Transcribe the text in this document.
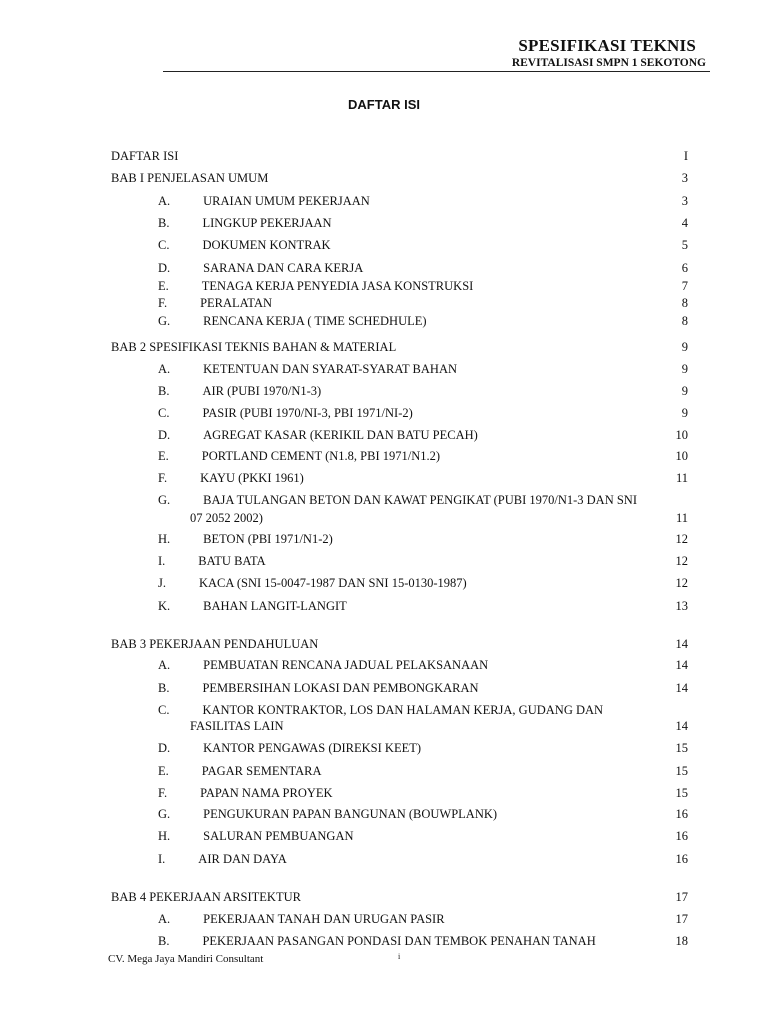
SPESIFIKASI TEKNIS
REVITALISASI SMPN 1 SEKOTONG
DAFTAR ISI
DAFTAR ISI	I
BAB I PENJELASAN UMUM	3
A.	URAIAN UMUM PEKERJAAN	3
B.	LINGKUP PEKERJAAN	4
C.	DOKUMEN KONTRAK	5
D.	SARANA DAN CARA KERJA	6
E.	TENAGA KERJA PENYEDIA JASA KONSTRUKSI	7
F.	PERALATAN	8
G.	RENCANA KERJA ( TIME SCHEDHULE)	8
BAB 2 SPESIFIKASI TEKNIS BAHAN & MATERIAL	9
A.	KETENTUAN DAN SYARAT-SYARAT BAHAN	9
B.	AIR (PUBI 1970/N1-3)	9
C.	PASIR (PUBI 1970/NI-3, PBI 1971/NI-2)	9
D.	AGREGAT KASAR (KERIKIL DAN BATU PECAH)	10
E.	PORTLAND CEMENT (N1.8, PBI 1971/N1.2)	10
F.	KAYU (PKKI 1961)	11
G.	BAJA TULANGAN BETON DAN KAWAT PENGIKAT (PUBI 1970/N1-3 DAN SNI
07 2052 2002)	11
H.	BETON (PBI 1971/N1-2)	12
I.	BATU BATA	12
J.	KACA (SNI 15-0047-1987 DAN SNI 15-0130-1987)	12
K.	BAHAN LANGIT-LANGIT	13
BAB 3 PEKERJAAN PENDAHULUAN	14
A.	PEMBUATAN RENCANA JADUAL PELAKSANAAN	14
B.	PEMBERSIHAN LOKASI DAN PEMBONGKARAN	14
C.	KANTOR KONTRAKTOR, LOS DAN HALAMAN KERJA, GUDANG DAN
FASILITAS LAIN	14
D.	KANTOR PENGAWAS (DIREKSI KEET)	15
E.	PAGAR SEMENTARA	15
F.	PAPAN NAMA PROYEK	15
G.	PENGUKURAN PAPAN BANGUNAN (BOUWPLANK)	16
H.	SALURAN PEMBUANGAN	16
I.	AIR DAN DAYA	16
BAB 4 PEKERJAAN ARSITEKTUR	17
A.	PEKERJAAN TANAH DAN URUGAN PASIR	17
B.	PEKERJAAN PASANGAN PONDASI DAN TEMBOK PENAHAN TANAH	18
CV. Mega Jaya Mandiri Consultant	i
